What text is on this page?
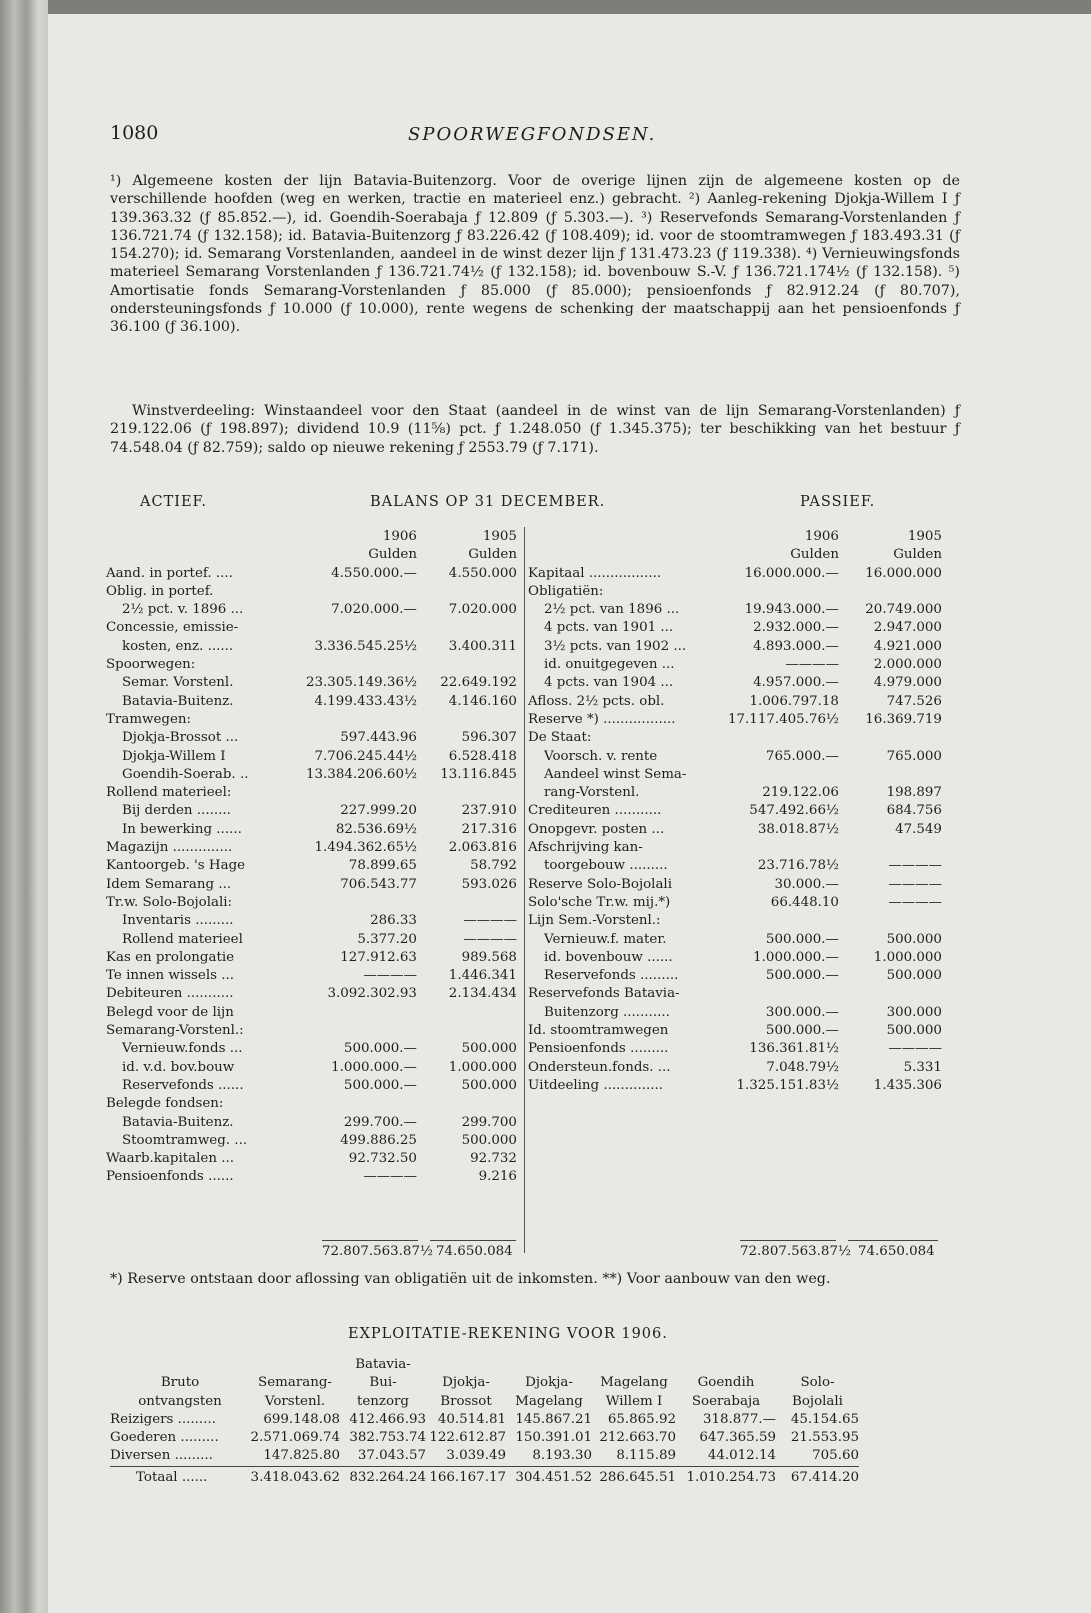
1080	SPOORWEGFONDSEN.

¹) Algemeene kosten der lijn Batavia-Buitenzorg. Voor de overige lijnen zijn de algemeene kosten op de verschillende hoofden (weg en werken, tractie en materieel enz.) gebracht. ²) Aanleg-rekening Djokja-Willem I ƒ 139.363.32 (ƒ 85.852.—), id. Goendih-Soerabaja ƒ 12.809 (ƒ 5.303.—). ³) Reservefonds Semarang-Vorstenlanden ƒ 136.721.74 (ƒ 132.158); id. Batavia-Buitenzorg ƒ 83.226.42 (ƒ 108.409); id. voor de stoomtramwegen ƒ 183.493.31 (ƒ 154.270); id. Semarang Vorstenlanden, aandeel in de winst dezer lijn ƒ 131.473.23 (ƒ 119.338). ⁴) Vernieuwingsfonds materieel Semarang Vorstenlanden ƒ 136.721.74½ (ƒ 132.158); id. bovenbouw S.-V. ƒ 136.721.174½ (ƒ 132.158). ⁵) Amortisatie fonds Semarang-Vorstenlanden ƒ 85.000 (ƒ 85.000); pensioenfonds ƒ 82.912.24 (ƒ 80.707), ondersteuningsfonds ƒ 10.000 (ƒ 10.000), rente wegens de schenking der maatschappij aan het pensioenfonds ƒ 36.100 (ƒ 36.100).

Winstverdeeling: Winstaandeel voor den Staat (aandeel in de winst van de lijn Semarang-Vorstenlanden) ƒ 219.122.06 (ƒ 198.897); dividend 10.9 (11⅝) pct. ƒ 1.248.050 (ƒ 1.345.375); ter beschikking van het bestuur ƒ 74.548.04 (ƒ 82.759); saldo op nieuwe rekening ƒ 2553.79 (ƒ 7.171).

ACTIEF.	BALANS OP 31 DECEMBER.	PASSIEF.
	1906	1905
	Gulden	Gulden
Aand. in portef. ....	4.550.000.—	4.550.000
Oblig. in portef.		
2½ pct. v. 1896 ...	7.020.000.—	7.020.000
Concessie, emissie-		
kosten, enz. ......	3.336.545.25½	3.400.311
Spoorwegen:		
Semar. Vorstenl.	23.305.149.36½	22.649.192
Batavia-Buitenz.	4.199.433.43½	4.146.160
Tramwegen:		
Djokja-Brossot ...	597.443.96	596.307
Djokja-Willem I	7.706.245.44½	6.528.418
Goendih-Soerab. ..	13.384.206.60½	13.116.845
Rollend materieel:		
Bij derden ........	227.999.20	237.910
In bewerking ......	82.536.69½	217.316
Magazijn ..............	1.494.362.65½	2.063.816
Kantoorgeb. 's Hage	78.899.65	58.792
Idem Semarang ...	706.543.77	593.026
Tr.w. Solo-Bojolali:		
Inventaris .........	286.33	————
Rollend materieel	5.377.20	————
Kas en prolongatie	127.912.63	989.568
Te innen wissels ...	————	1.446.341
Debiteuren ...........	3.092.302.93	2.134.434
Belegd voor de lijn		
Semarang-Vorstenl.:		
Vernieuw.fonds ...	500.000.—	500.000
id. v.d. bov.bouw	1.000.000.—	1.000.000
Reservefonds ......	500.000.—	500.000
Belegde fondsen:		
Batavia-Buitenz.	299.700.—	299.700
Stoomtramweg. ...	499.886.25	500.000
Waarb.kapitalen ...	92.732.50	92.732
Pensioenfonds ......	————	9.216
	1906	1905
	Gulden	Gulden
Kapitaal .................	16.000.000.—	16.000.000
Obligatiën:		
2½ pct. van 1896 ...	19.943.000.—	20.749.000
4 pcts. van 1901 ...	2.932.000.—	2.947.000
3½ pcts. van 1902 ...	4.893.000.—	4.921.000
id. onuitgegeven ...	————	2.000.000
4 pcts. van 1904 ...	4.957.000.—	4.979.000
Afloss. 2½ pcts. obl.	1.006.797.18	747.526
Reserve *) .................	17.117.405.76½	16.369.719
De Staat:		
Voorsch. v. rente	765.000.—	765.000
Aandeel winst Sema-		
rang-Vorstenl.	219.122.06	198.897
Crediteuren ...........	547.492.66½	684.756
Onopgevr. posten ...	38.018.87½	47.549
Afschrijving kan-		
toorgebouw .........	23.716.78½	————
Reserve Solo-Bojolali	30.000.—	————
Solo'sche Tr.w. mij.*)	66.448.10	————
Lijn Sem.-Vorstenl.:		
Vernieuw.f. mater.	500.000.—	500.000
id. bovenbouw ......	1.000.000.—	1.000.000
Reservefonds .........	500.000.—	500.000
Reservefonds Batavia-		
Buitenzorg ...........	300.000.—	300.000
Id. stoomtramwegen	500.000.—	500.000
Pensioenfonds .........	136.361.81½	————
Ondersteun.fonds. ...	7.048.79½	5.331
Uitdeeling ..............	1.325.151.83½	1.435.306
72.807.563.87½ 74.650.084	72.807.563.87½ 74.650.084

*) Reserve ontstaan door aflossing van obligatiën uit de inkomsten. **) Voor aanbouw van den weg.

EXPLOITATIE-REKENING VOOR 1906.
		Batavia-					
Bruto	Semarang-	Bui-	Djokja-	Djokja-	Magelang	Goendih	Solo-
ontvangsten	Vorstenl.	tenzorg	Brossot	Magelang	Willem I	Soerabaja	Bojolali
Reizigers .........	699.148.08	412.466.93	40.514.81	145.867.21	65.865.92	318.877.—	45.154.65
Goederen .........	2.571.069.74	382.753.74	122.612.87	150.391.01	212.663.70	647.365.59	21.553.95
Diversen .........	147.825.80	37.043.57	3.039.49	8.193.30	8.115.89	44.012.14	705.60
Totaal ......	3.418.043.62	832.264.24	166.167.17	304.451.52	286.645.51	1.010.254.73	67.414.20
